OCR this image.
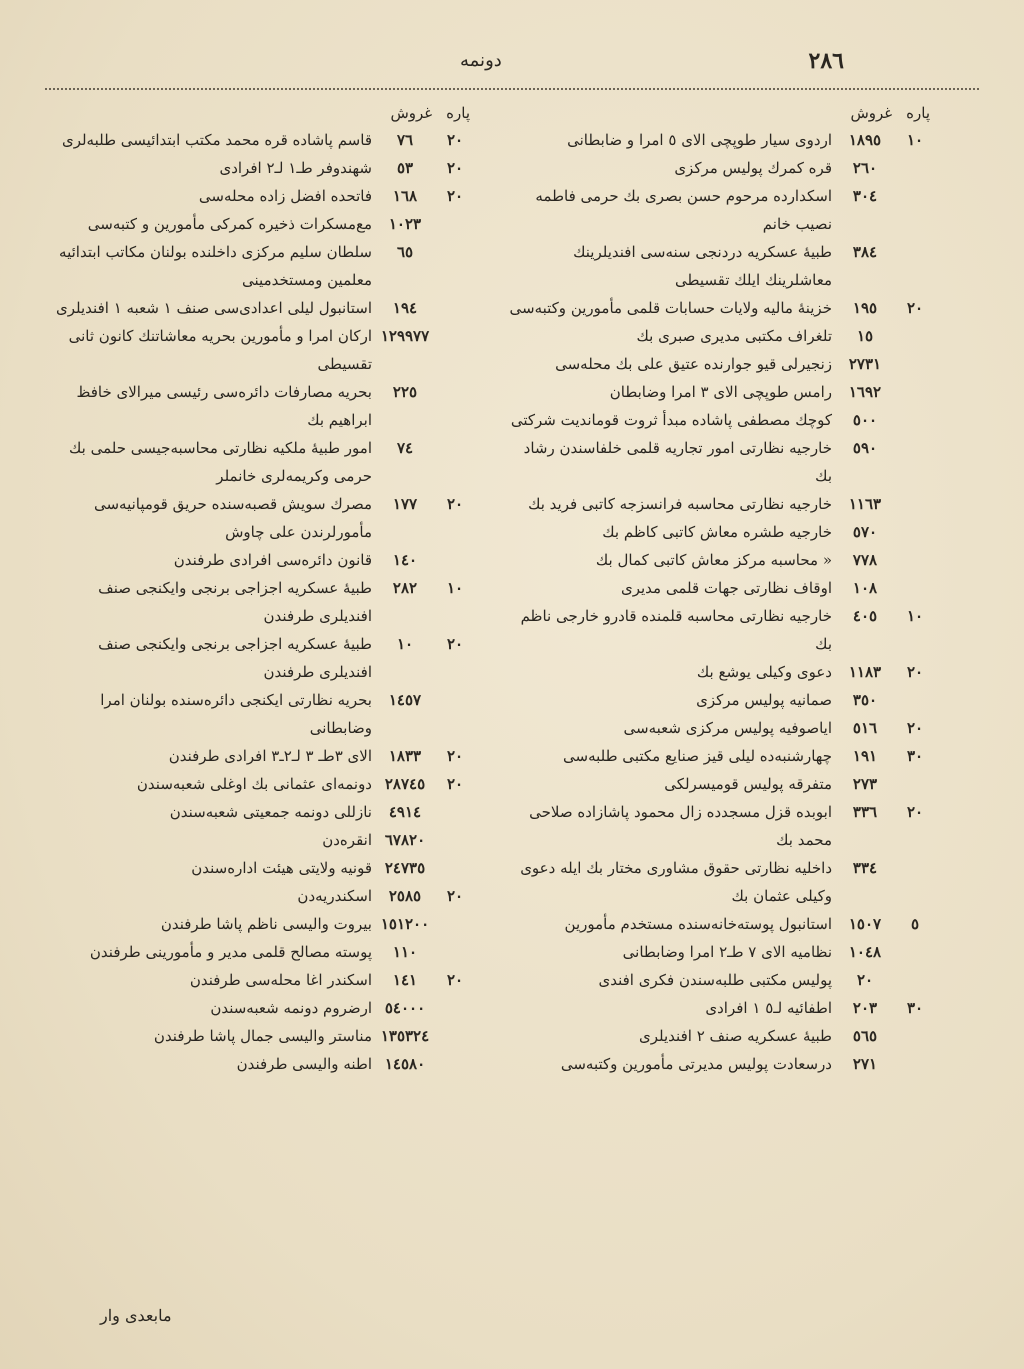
٢٨٦
دونمه
پاره
غروش
١٠
١٨٩٥
اردوى سيار طوپچى الاى ٥ امرا و ضابطانى
٢٦٠
قره كمرك پوليس مركزى
٣٠٤
اسكدارده مرحوم حسن بصرى بك حرمى فاطمه نصيب خانم
٣٨٤
طبيهٔ عسكريه دردنجى سنه‌سى افنديلرينك معاشلرينك ايلك تقسيطى
٢٠
١٩٥
خزينهٔ ماليه ولايات حسابات قلمى مأمورين وكتبه‌سى
١٥
تلغراف مكتبى مديرى صبرى بك
٢٧٣١
زنجيرلى قيو جوارنده عتيق على بك محله‌سى
١٦٩٢
رامس طوپچى الاى ٣ امرا وضابطان
٥٠٠
كوچك مصطفى پاشاده مبدأ ثروت قومانديت شركتى
٥٩٠
خارجيه نظارتى امور تجاريه قلمى خلفاسندن رشاد بك
١١٦٣
خارجيه نظارتى محاسبه فرانسزجه كاتبى فريد بك
٥٧٠
خارجيه طشره معاش كاتبى كاظم بك
٧٧٨
« محاسبه مركز معاش كاتبى كمال بك
١٠٨
اوقاف نظارتى جهات قلمى مديرى
١٠
٤٠٥
خارجيه نظارتى محاسبه قلمنده قادرو خارجى ناظم بك
٢٠
١١٨٣
دعوى وكيلى يوشع بك
٣٥٠
صمانيه پوليس مركزى
٢٠
٥١٦
اياصوفيه پوليس مركزى شعبه‌سى
٣٠
١٩١
چهارشنبه‌ده ليلى قيز صنايع مكتبى طلبه‌سى
٢٧٣
متفرقه پوليس قوميسرلكى
٢٠
٣٣٦
ابوبده قزل مسجدده زال محمود پاشازاده صلاحى محمد بك
٣٣٤
داخليه نظارتى حقوق مشاورى مختار بك ايله دعوى وكيلى عثمان بك
٥
١٥٠٧
استانبول پوسته‌خانه‌سنده مستخدم مأمورين
١٠٤٨
نظاميه الاى ٧ طـ٢ امرا وضابطانى
٢٠
پوليس مكتبى طلبه‌سندن فكرى افندى
٣٠
٢٠٣
اطفائيه لـ٥ ١ افرادى
٥٦٥
طبيهٔ عسكريه صنف ٢ افنديلرى
٢٧١
درسعادت پوليس مديرتى مأمورين وكتبه‌سى
پاره
غروش
٢٠
٧٦
قاسم پاشاده قره محمد مكتب ابتدائيسى طلبه‌لرى
٢٠
٥٣
شهندوفر طـ١ لـ٢ افرادى
٢٠
١٦٨
فاتحده افضل زاده محله‌سى
١٠٢٣
مع‌مسكرات ذخيره كمركى مأمورين و كتبه‌سى
٦٥
سلطان سليم مركزى داخلنده بولنان مكاتب ابتدائيه معلمين ومستخدمينى
١٩٤
استانبول ليلى اعدادى‌سى صنف ١ شعبه ١ افنديلرى
١٢٩٩٧٧
اركان امرا و مأمورين بحريه معاشاتنك كانون ثانى تقسيطى
٢٢٥
بحريه مصارفات دائره‌سى رئيسى ميرالاى خافظ ابراهيم بك
٧٤
امور طبيهٔ ملكيه نظارتى محاسبه‌جيسى حلمى بك حرمى وكريمه‌لرى خانملر
٢٠
١٧٧
مصرك سويش قصبه‌سنده حريق قومپانيه‌سى مأمورلرندن على چاوش
١٤٠
قانون دائره‌سى افرادى طرفندن
١٠
٢٨٢
طبيهٔ عسكريه اجزاجى برنجى وايكنجى صنف افنديلرى طرفندن
٢٠
١٠
طبيهٔ عسكريه اجزاجى برنجى وايكنجى صنف افنديلرى طرفندن
١٤٥٧
بحريه نظارتى ايكنجى دائره‌سنده بولنان امرا وضابطانى
٢٠
١٨٣٣
الاى ٣طـ ٣ لـ٢ـ٣ افرادى طرفندن
٢٠
٢٨٧٤٥
دونمه‌اى عثمانى بك اوغلى شعبه‌سندن
٤٩١٤
نازللى دونمه جمعيتى شعبه‌سندن
٦٧٨٢٠
انقره‌دن
٢٤٧٣٥
قونيه ولايتى هيئت اداره‌سندن
٢٠
٢٥٨٥
اسكندريه‌دن
١٥١٢٠٠
بيروت واليسى ناظم پاشا طرفندن
١١٠
پوسته مصالح قلمى مدير و مأمورينى طرفندن
٢٠
١٤١
اسكندر اغا محله‌سى طرفندن
٥٤٠٠٠
ارضروم دونمه شعبه‌سندن
١٣٥٣٢٤
مناستر واليسى جمال پاشا طرفندن
١٤٥٨٠
اطنه واليسى طرفندن
مابعدى وار
